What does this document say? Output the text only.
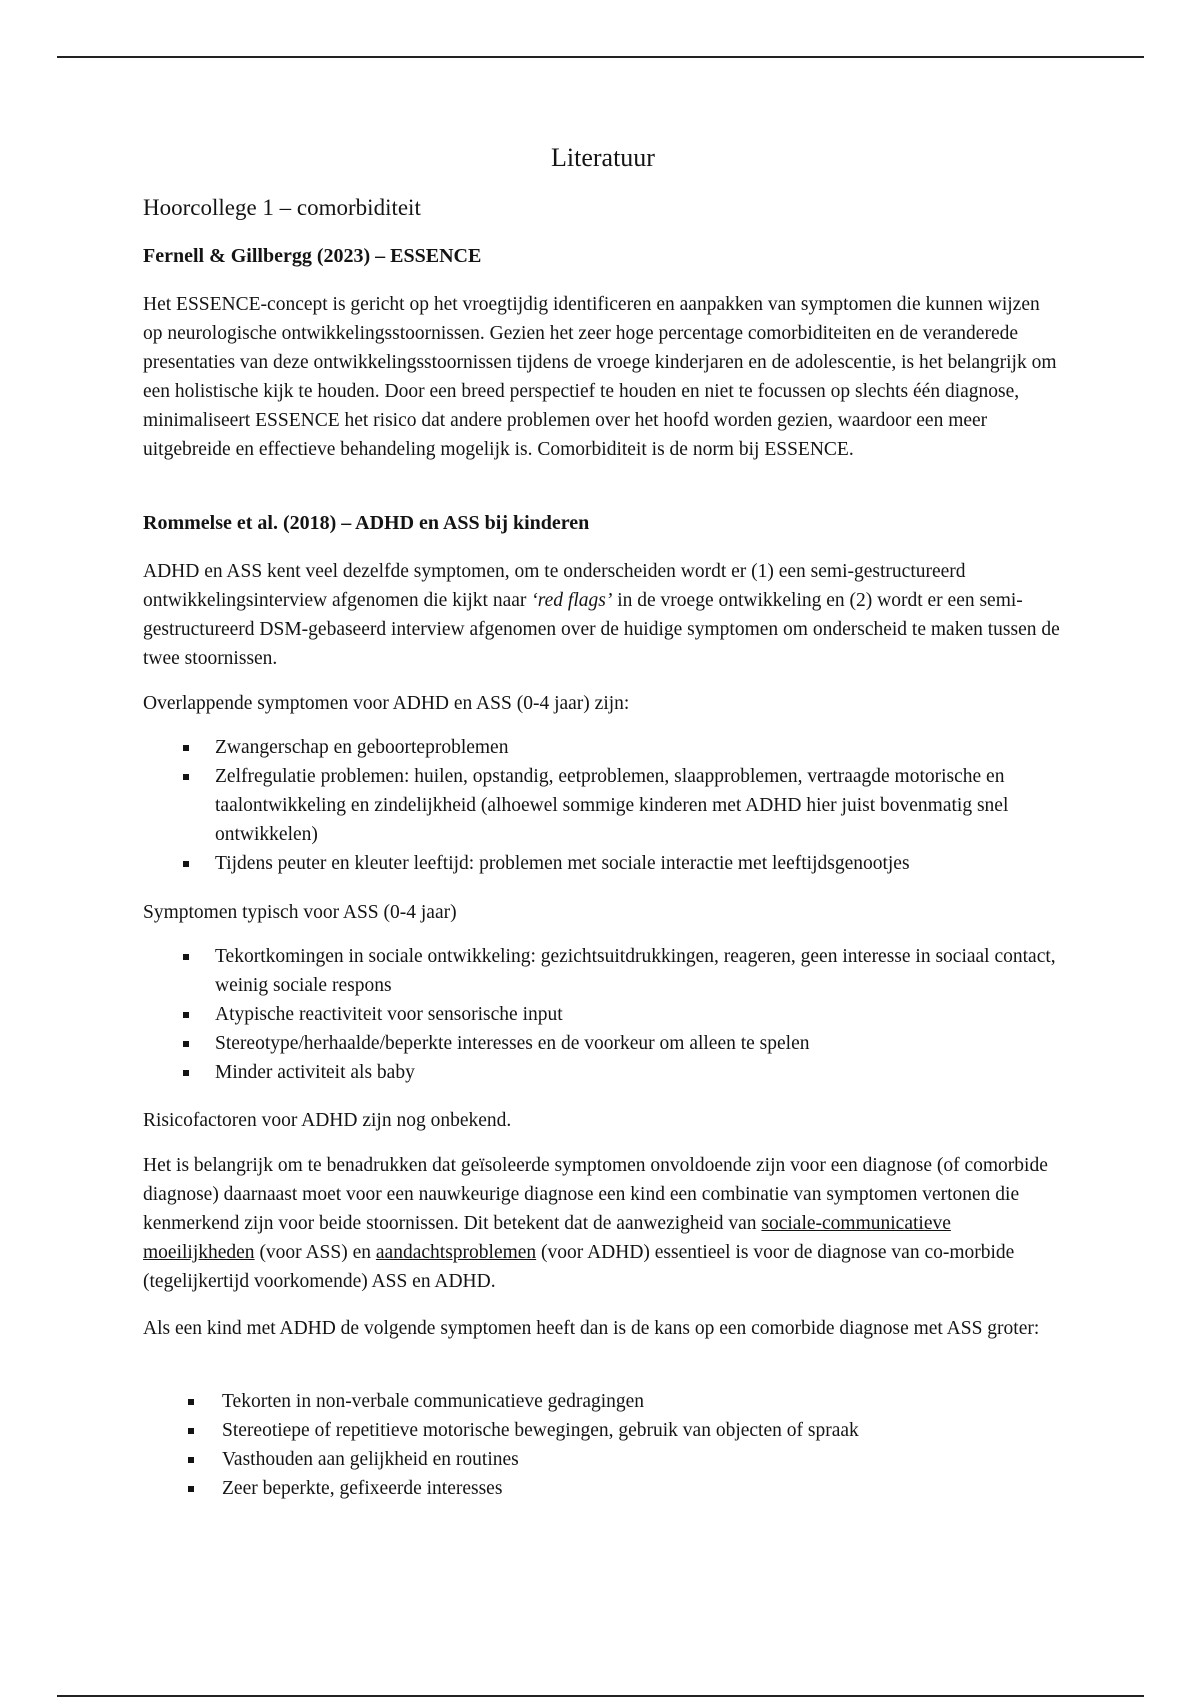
Literatuur
Hoorcollege 1 – comorbiditeit
Fernell & Gillbergg (2023) – ESSENCE

Het ESSENCE-concept is gericht op het vroegtijdig identificeren en aanpakken van symptomen die kunnen wijzen op neurologische ontwikkelingsstoornissen. Gezien het zeer hoge percentage comorbiditeiten en de veranderede presentaties van deze ontwikkelingsstoornissen tijdens de vroege kinderjaren en de adolescentie, is het belangrijk om een holistische kijk te houden. Door een breed perspectief te houden en niet te focussen op slechts één diagnose, minimaliseert ESSENCE het risico dat andere problemen over het hoofd worden gezien, waardoor een meer uitgebreide en effectieve behandeling mogelijk is. Comorbiditeit is de norm bij ESSENCE.

Rommelse et al. (2018) – ADHD en ASS bij kinderen

ADHD en ASS kent veel dezelfde symptomen, om te onderscheiden wordt er (1) een semi-gestructureerd ontwikkelingsinterview afgenomen die kijkt naar ‘red flags’ in de vroege ontwikkeling en (2) wordt er een semi-gestructureerd DSM-gebaseerd interview afgenomen over de huidige symptomen om onderscheid te maken tussen de twee stoornissen.

Overlappende symptomen voor ADHD en ASS (0-4 jaar) zijn:

Zwangerschap en geboorteproblemen
Zelfregulatie problemen: huilen, opstandig, eetproblemen, slaapproblemen, vertraagde motorische en taalontwikkeling en zindelijkheid (alhoewel sommige kinderen met ADHD hier juist bovenmatig snel ontwikkelen)
Tijdens peuter en kleuter leeftijd: problemen met sociale interactie met leeftijdsgenootjes

Symptomen typisch voor ASS (0-4 jaar)

Tekortkomingen in sociale ontwikkeling: gezichtsuitdrukkingen, reageren, geen interesse in sociaal contact, weinig sociale respons
Atypische reactiviteit voor sensorische input
Stereotype/herhaalde/beperkte interesses en de voorkeur om alleen te spelen
Minder activiteit als baby

Risicofactoren voor ADHD zijn nog onbekend.

Het is belangrijk om te benadrukken dat geïsoleerde symptomen onvoldoende zijn voor een diagnose (of comorbide diagnose) daarnaast moet voor een nauwkeurige diagnose een kind een combinatie van symptomen vertonen die kenmerkend zijn voor beide stoornissen. Dit betekent dat de aanwezigheid van sociale-communicatieve moeilijkheden (voor ASS) en aandachtsproblemen (voor ADHD) essentieel is voor de diagnose van co-morbide (tegelijkertijd voorkomende) ASS en ADHD.

Als een kind met ADHD de volgende symptomen heeft dan is de kans op een comorbide diagnose met ASS groter:

Tekorten in non-verbale communicatieve gedragingen
Stereotiepe of repetitieve motorische bewegingen, gebruik van objecten of spraak
Vasthouden aan gelijkheid en routines
Zeer beperkte, gefixeerde interesses
